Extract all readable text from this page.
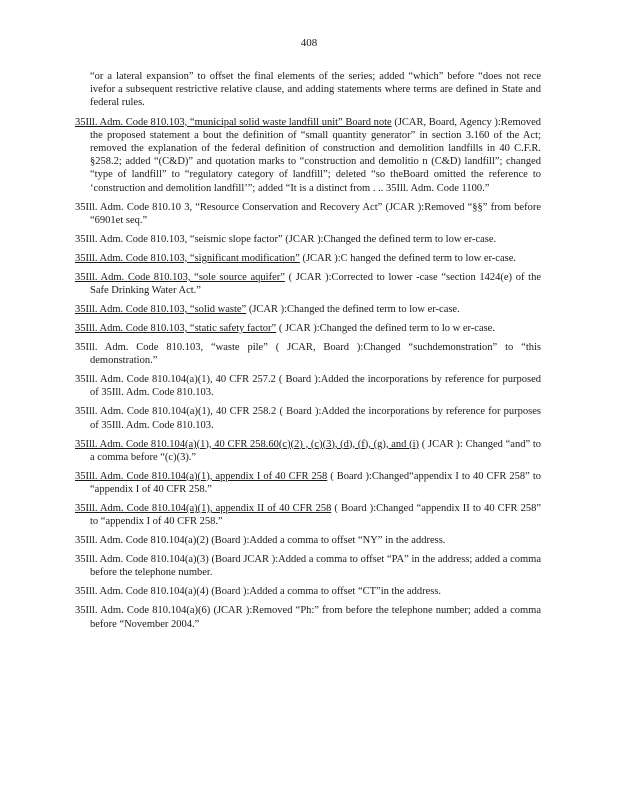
408

“or a lateral expansion” to offset the final elements of the series; added “which” before “does not rece ivefor a subsequent restrictive relative clause, and adding statements where terms are defined in State and federal rules.

35Ill. Adm. Code 810.103, “municipal solid waste landfill unit” Board note (JCAR, Board, Agency ):Removed the proposed statement a bout the definition of “small quantity generator” in section 3.160 of the Act; removed the explanation of the federal definition of construction and demolition landfills in 40 C.F.R. §258.2; added “(C&D)” and quotation marks to “construction and demolitio n (C&D) landfill”; changed “type of landfill” to “regulatory category of landfill”; deleted “so theBoard omitted the reference to ‘construction and demolition landfill’”; added “It is a distinct from . .. 35Ill. Adm. Code 1100.”

35Ill. Adm. Code 810.10 3, “Resource Conservation and Recovery Act” (JCAR ):Removed “§§” from before “6901et seq.”

35Ill. Adm. Code 810.103, “seismic slope factor” (JCAR ):Changed the defined term to low er-case.

35Ill. Adm. Code 810.103, “significant modification” (JCAR ):C hanged the defined term to low er-case.

35Ill. Adm. Code 810.103, “sole source aquifer” ( JCAR ):Corrected to lower -case “section 1424(e) of the Safe Drinking Water Act.”

35Ill. Adm. Code 810.103, “solid waste” (JCAR ):Changed the defined term to low er-case.

35Ill. Adm. Code 810.103, “static safety factor” ( JCAR ):Changed the defined term to lo w er-case.

35Ill. Adm. Code 810.103, “waste pile” ( JCAR, Board ):Changed “suchdemonstration” to “this demonstration.”

35Ill. Adm. Code 810.104(a)(1), 40 CFR 257.2 ( Board ):Added the incorporations by reference for purposed of 35Ill. Adm. Code 810.103.

35Ill. Adm. Code 810.104(a)(1), 40 CFR 258.2 ( Board ):Added the incorporations by reference for purposes of 35Ill. Adm. Code 810.103.

35Ill. Adm. Code 810.104(a)(1), 40 CFR 258.60(c)(2) , (c)(3), (d), (f), (g), and (i) ( JCAR ): Changed “and” to a comma before “(c)(3).”

35Ill. Adm. Code 810.104(a)(1), appendix I of 40 CFR 258 ( Board ):Changed“appendix I to 40 CFR 258” to “appendix I of 40 CFR 258.”

35Ill. Adm. Code 810.104(a)(1), appendix II of 40 CFR 258 ( Board ):Changed “appendix II to 40 CFR 258” to “appendix I of 40 CFR 258.”

35Ill. Adm. Code 810.104(a)(2) (Board ):Added a comma to offset “NY” in the address.

35Ill. Adm. Code 810.104(a)(3) (Board JCAR ):Added a comma to offset “PA” in the address; added a comma before the telephone number.

35Ill. Adm. Code 810.104(a)(4) (Board ):Added a comma to offset “CT”in the address.

35Ill. Adm. Code 810.104(a)(6) (JCAR ):Removed “Ph:” from before the telephone number; added a comma before “November 2004.”
